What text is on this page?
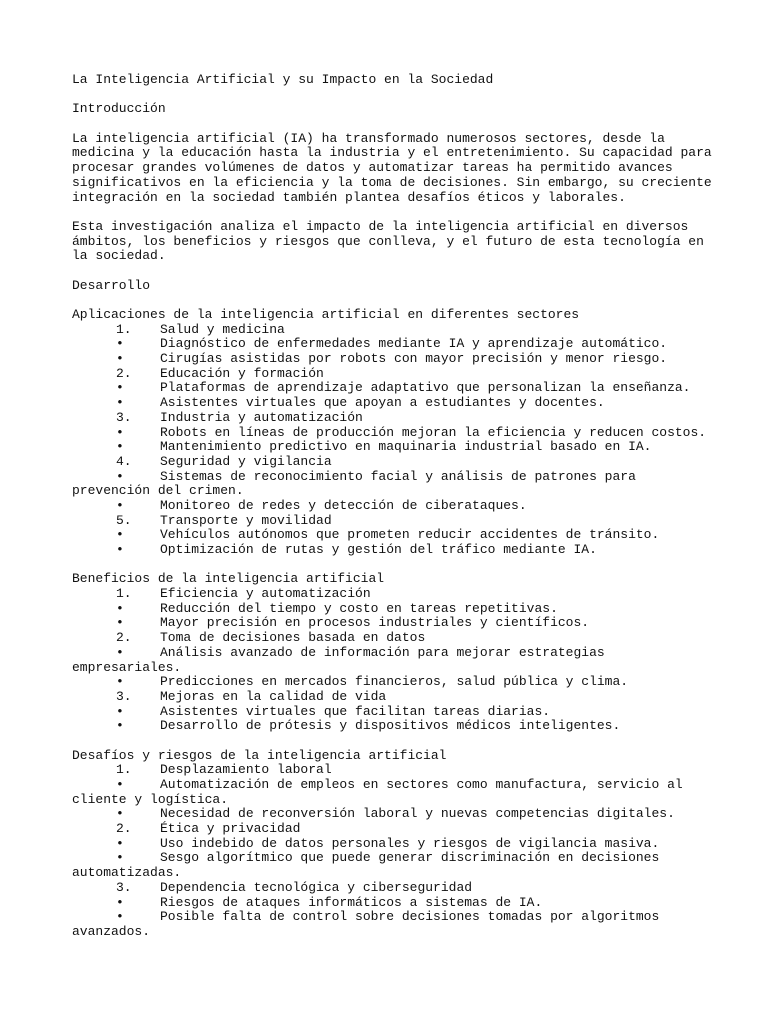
La Inteligencia Artificial y su Impacto en la Sociedad
Introducción
La inteligencia artificial (IA) ha transformado numerosos sectores, desde la
medicina y la educación hasta la industria y el entretenimiento. Su capacidad para
procesar grandes volúmenes de datos y automatizar tareas ha permitido avances
significativos en la eficiencia y la toma de decisiones. Sin embargo, su creciente
integración en la sociedad también plantea desafíos éticos y laborales.
Esta investigación analiza el impacto de la inteligencia artificial en diversos
ámbitos, los beneficios y riesgos que conlleva, y el futuro de esta tecnología en
la sociedad.
Desarrollo
Aplicaciones de la inteligencia artificial en diferentes sectores
1. Salud y medicina
•	Diagnóstico de enfermedades mediante IA y aprendizaje automático.
•	Cirugías asistidas por robots con mayor precisión y menor riesgo.
2. Educación y formación
•	Plataformas de aprendizaje adaptativo que personalizan la enseñanza.
•	Asistentes virtuales que apoyan a estudiantes y docentes.
3. Industria y automatización
•	Robots en líneas de producción mejoran la eficiencia y reducen costos.
•	Mantenimiento predictivo en maquinaria industrial basado en IA.
4. Seguridad y vigilancia
•	Sistemas de reconocimiento facial y análisis de patrones para
prevención del crimen.
•	Monitoreo de redes y detección de ciberataques.
5. Transporte y movilidad
•	Vehículos autónomos que prometen reducir accidentes de tránsito.
•	Optimización de rutas y gestión del tráfico mediante IA.
Beneficios de la inteligencia artificial
1. Eficiencia y automatización
•	Reducción del tiempo y costo en tareas repetitivas.
•	Mayor precisión en procesos industriales y científicos.
2. Toma de decisiones basada en datos
•	Análisis avanzado de información para mejorar estrategias
empresariales.
•	Predicciones en mercados financieros, salud pública y clima.
3. Mejoras en la calidad de vida
•	Asistentes virtuales que facilitan tareas diarias.
•	Desarrollo de prótesis y dispositivos médicos inteligentes.
Desafíos y riesgos de la inteligencia artificial
1. Desplazamiento laboral
•	Automatización de empleos en sectores como manufactura, servicio al
cliente y logística.
•	Necesidad de reconversión laboral y nuevas competencias digitales.
2. Ética y privacidad
•	Uso indebido de datos personales y riesgos de vigilancia masiva.
•	Sesgo algorítmico que puede generar discriminación en decisiones
automatizadas.
3. Dependencia tecnológica y ciberseguridad
•	Riesgos de ataques informáticos a sistemas de IA.
•	Posible falta de control sobre decisiones tomadas por algoritmos
avanzados.
